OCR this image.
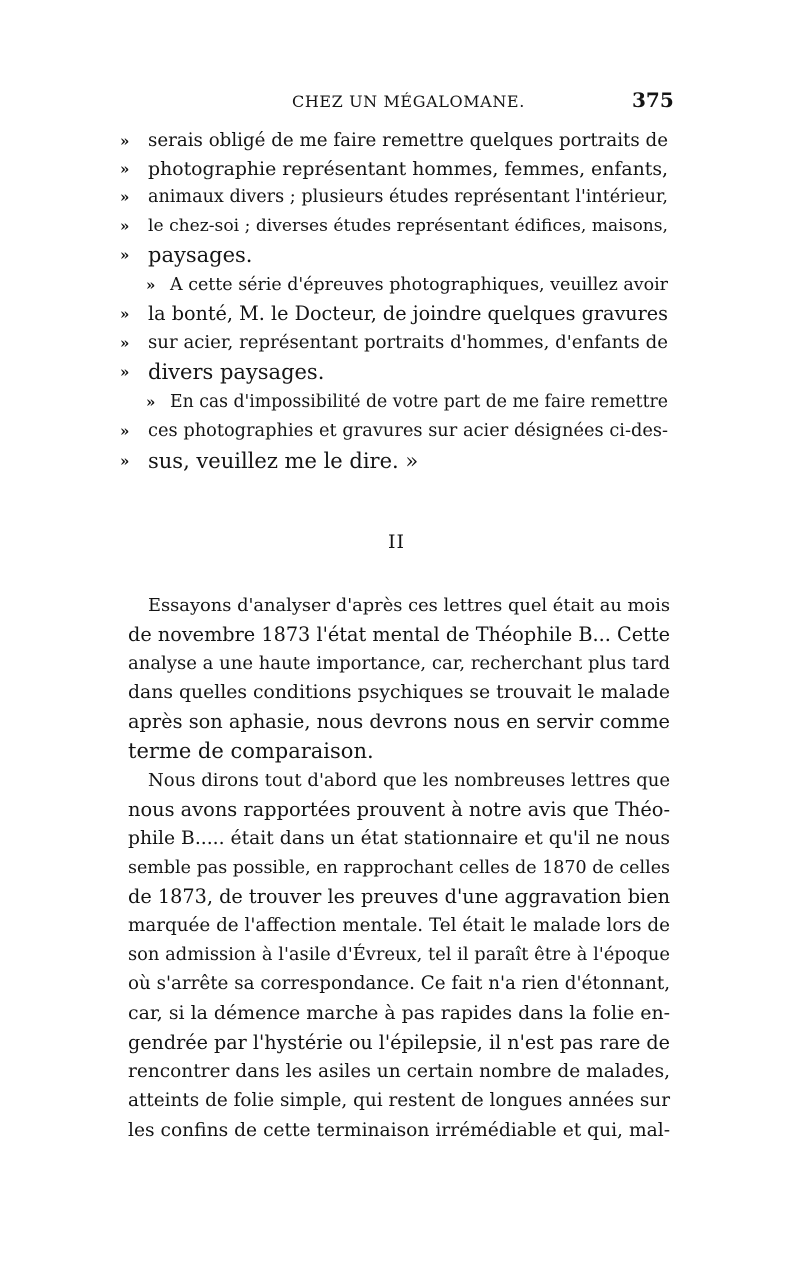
CHEZ UN MÉGALOMANE.	375
» serais obligé de me faire remettre quelques portraits de
» photographie représentant hommes, femmes, enfants,
» animaux divers ; plusieurs études représentant l'intérieur,
» le chez-soi ; diverses études représentant édifices, maisons,
» paysages.
» A cette série d'épreuves photographiques, veuillez avoir
» la bonté, M. le Docteur, de joindre quelques gravures
» sur acier, représentant portraits d'hommes, d'enfants de
» divers paysages.
» En cas d'impossibilité de votre part de me faire remettre
» ces photographies et gravures sur acier désignées ci-des-
» sus, veuillez me le dire. »
II
Essayons d'analyser d'après ces lettres quel était au mois
de novembre 1873 l'état mental de Théophile B... Cette
analyse a une haute importance, car, recherchant plus tard
dans quelles conditions psychiques se trouvait le malade
après son aphasie, nous devrons nous en servir comme
terme de comparaison.
Nous dirons tout d'abord que les nombreuses lettres que
nous avons rapportées prouvent à notre avis que Théo-
phile B..... était dans un état stationnaire et qu'il ne nous
semble pas possible, en rapprochant celles de 1870 de celles
de 1873, de trouver les preuves d'une aggravation bien
marquée de l'affection mentale. Tel était le malade lors de
son admission à l'asile d'Évreux, tel il paraît être à l'époque
où s'arrête sa correspondance. Ce fait n'a rien d'étonnant,
car, si la démence marche à pas rapides dans la folie en-
gendrée par l'hystérie ou l'épilepsie, il n'est pas rare de
rencontrer dans les asiles un certain nombre de malades,
atteints de folie simple, qui restent de longues années sur
les confins de cette terminaison irrémédiable et qui, mal-
